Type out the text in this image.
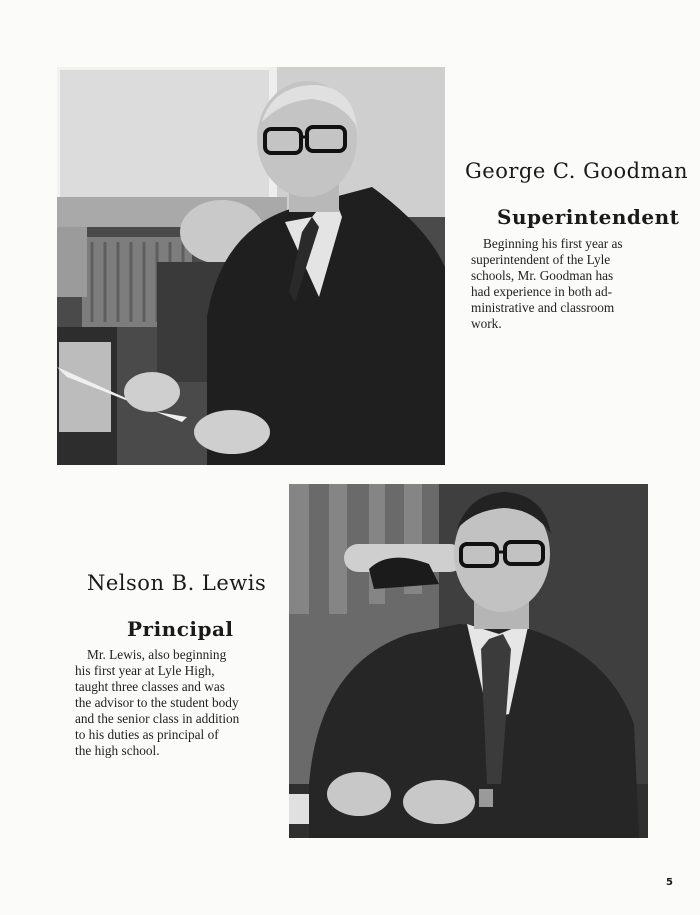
George C. Goodman
Superintendent

Beginning his first year as
superintendent of the Lyle
schools, Mr. Goodman has
had experience in both ad-
ministrative and classroom
work.

Nelson B. Lewis
Principal

Mr. Lewis, also beginning
his first year at Lyle High,
taught three classes and was
the advisor to the student body
and the senior class in addition
to his duties as principal of
the high school.

5
